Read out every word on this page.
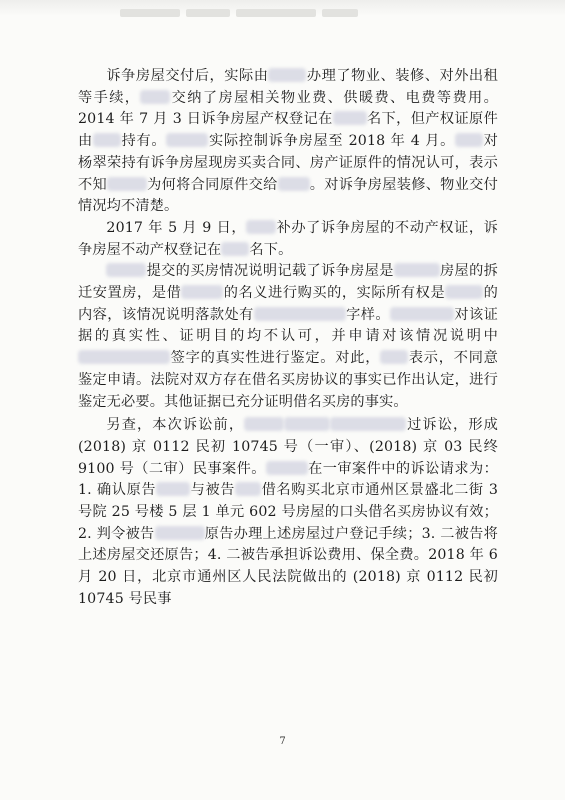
诉争房屋交付后，实际由	办理了物业、装修、对外出租等手续， 交纳了房屋相关物业费、供暖费、电费等费用。2014 年 7 月 3 日诉争房屋产权登记在 名下，但产权证原件由 持有。	实际控制诉争房屋至 2018 年 4 月。 对杨翠荣持有诉争房屋现房买卖合同、房产证原件的情况认可，表示不知	为何将合同原件交给 。对诉争房屋装修、物业交付情况均不清楚。

2017 年 5 月 9 日， 补办了诉争房屋的不动产权证，诉争房屋不动产权登记在 名下。

提交的买房情况说明记载了诉争房屋是	房屋的拆迁安置房，是借	的名义进行购买的，实际所有权是	的内容，该情况说明落款处有	字样。	对该证据的真实性、证明目的均不认可，并申请对该情况说明中签字的真实性进行鉴定。对此， 表示，不同意鉴定申请。法院对双方存在借名买房协议的事实已作出认定，进行鉴定无必要。其他证据已充分证明借名买房的事实。

另查，本次诉讼前，	过诉讼，形成 (2018) 京 0112 民初 10745 号（一审）、(2018) 京 03 民终 9100 号（二审）民事案件。	在一审案件中的诉讼请求为：1. 确认原告 与被告 借名购买北京市通州区景盛北二街 3 号院 25 号楼 5 层 1 单元 602 号房屋的口头借名买房协议有效；2. 判令被告	原告办理上述房屋过户登记手续；3. 二被告将上述房屋交还原告；4. 二被告承担诉讼费用、保全费。2018 年 6 月 20 日，北京市通州区人民法院做出的 (2018) 京 0112 民初 10745 号民事

7
